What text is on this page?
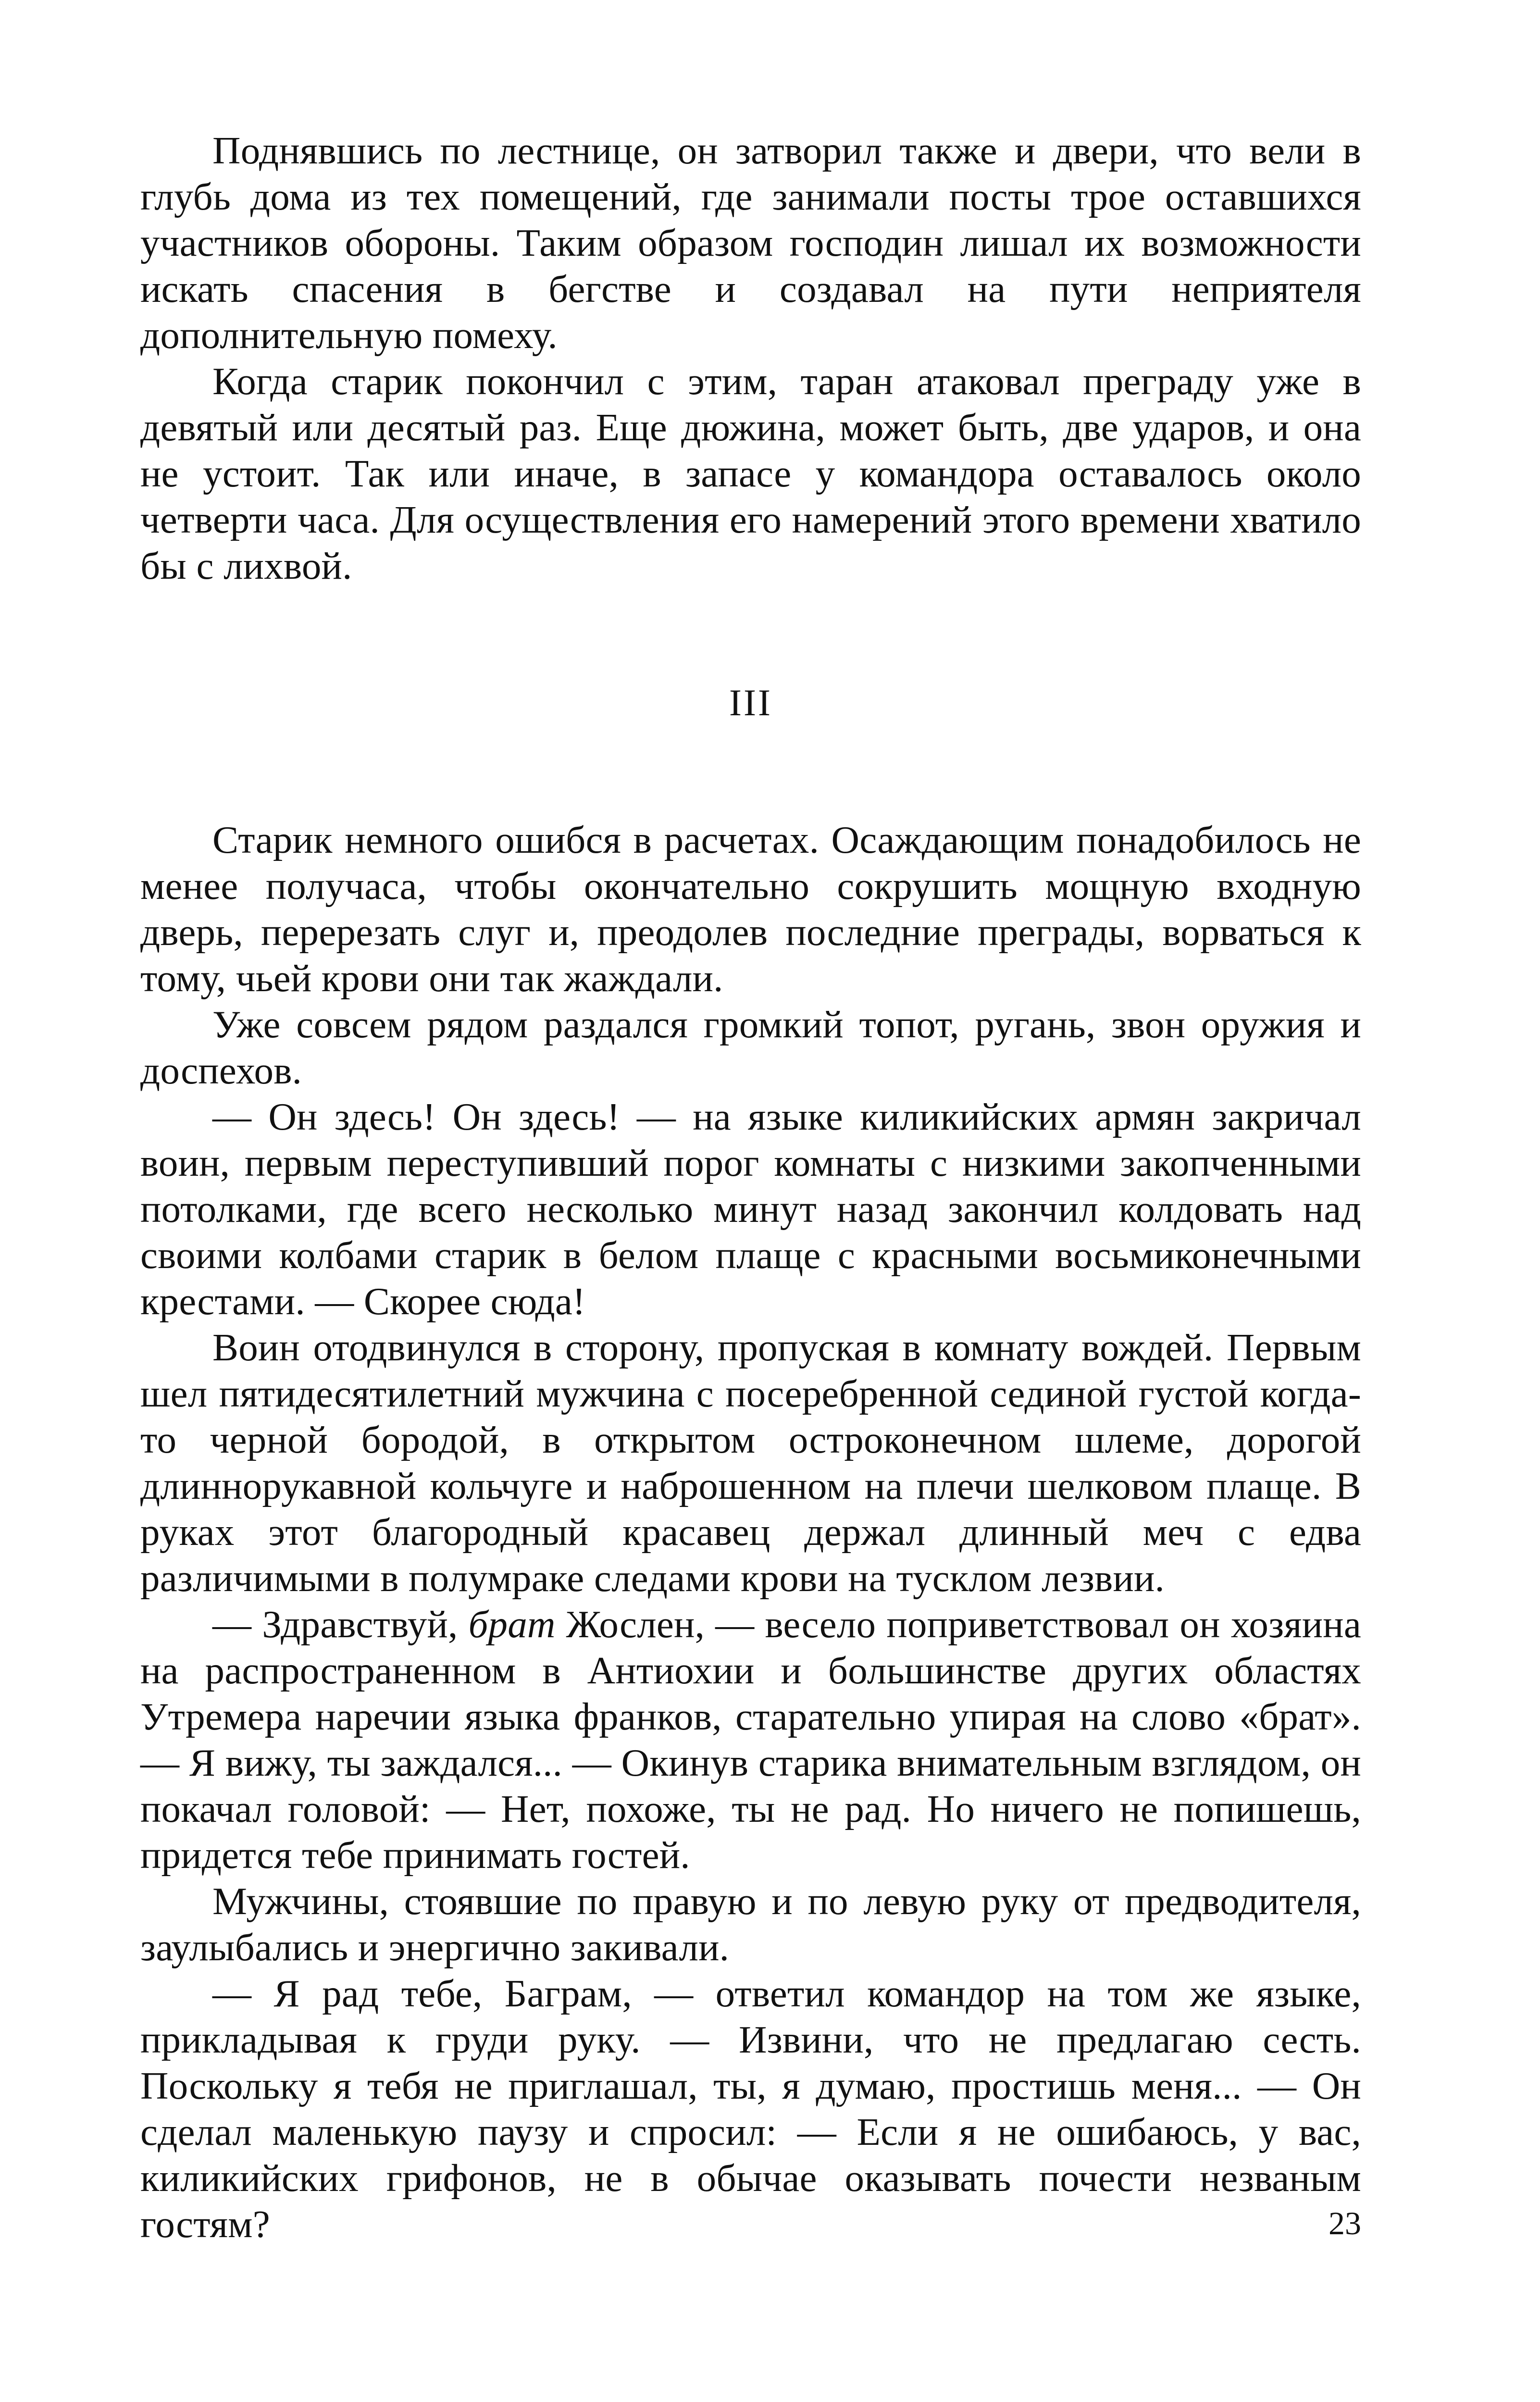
Поднявшись по лестнице, он затворил также и двери, что вели в глубь дома из тех помещений, где занимали посты трое оставшихся участников обороны. Таким образом господин лишал их возможности искать спасения в бегстве и создавал на пути неприятеля дополнительную помеху.

Когда старик покончил с этим, таран атаковал преграду уже в девятый или десятый раз. Еще дюжина, может быть, две ударов, и она не устоит. Так или иначе, в запасе у командора оставалось около четверти часа. Для осуществления его намерений этого времени хватило бы с лихвой.

III

Старик немного ошибся в расчетах. Осаждающим понадобилось не менее получаса, чтобы окончательно сокрушить мощную входную дверь, перерезать слуг и, преодолев последние преграды, ворваться к тому, чьей крови они так жаждали.

Уже совсем рядом раздался громкий топот, ругань, звон оружия и доспехов.

— Он здесь! Он здесь! — на языке киликийских армян закричал воин, первым переступивший порог комнаты с низкими закопченными потолками, где всего несколько минут назад закончил колдовать над своими колбами старик в белом плаще с красными восьмиконечными крестами. — Скорее сюда!

Воин отодвинулся в сторону, пропуская в комнату вождей. Первым шел пятидесятилетний мужчина с посеребренной сединой густой когда-то черной бородой, в открытом остроконечном шлеме, дорогой длиннорукавной кольчуге и наброшенном на плечи шелковом плаще. В руках этот благородный красавец держал длинный меч с едва различимыми в полумраке следами крови на тусклом лезвии.

— Здравствуй, брат Жослен, — весело поприветствовал он хозяина на распространенном в Антиохии и большинстве других областях Утремера наречии языка франков, старательно упирая на слово «брат». — Я вижу, ты заждался... — Окинув старика внимательным взглядом, он покачал головой: — Нет, похоже, ты не рад. Но ничего не попишешь, придется тебе принимать гостей.

Мужчины, стоявшие по правую и по левую руку от предводителя, заулыбались и энергично закивали.

— Я рад тебе, Баграм, — ответил командор на том же языке, прикладывая к груди руку. — Извини, что не предлагаю сесть. Поскольку я тебя не приглашал, ты, я думаю, простишь меня... — Он сделал маленькую паузу и спросил: — Если я не ошибаюсь, у вас, киликийских грифонов, не в обычае оказывать почести незваным гостям?	23
